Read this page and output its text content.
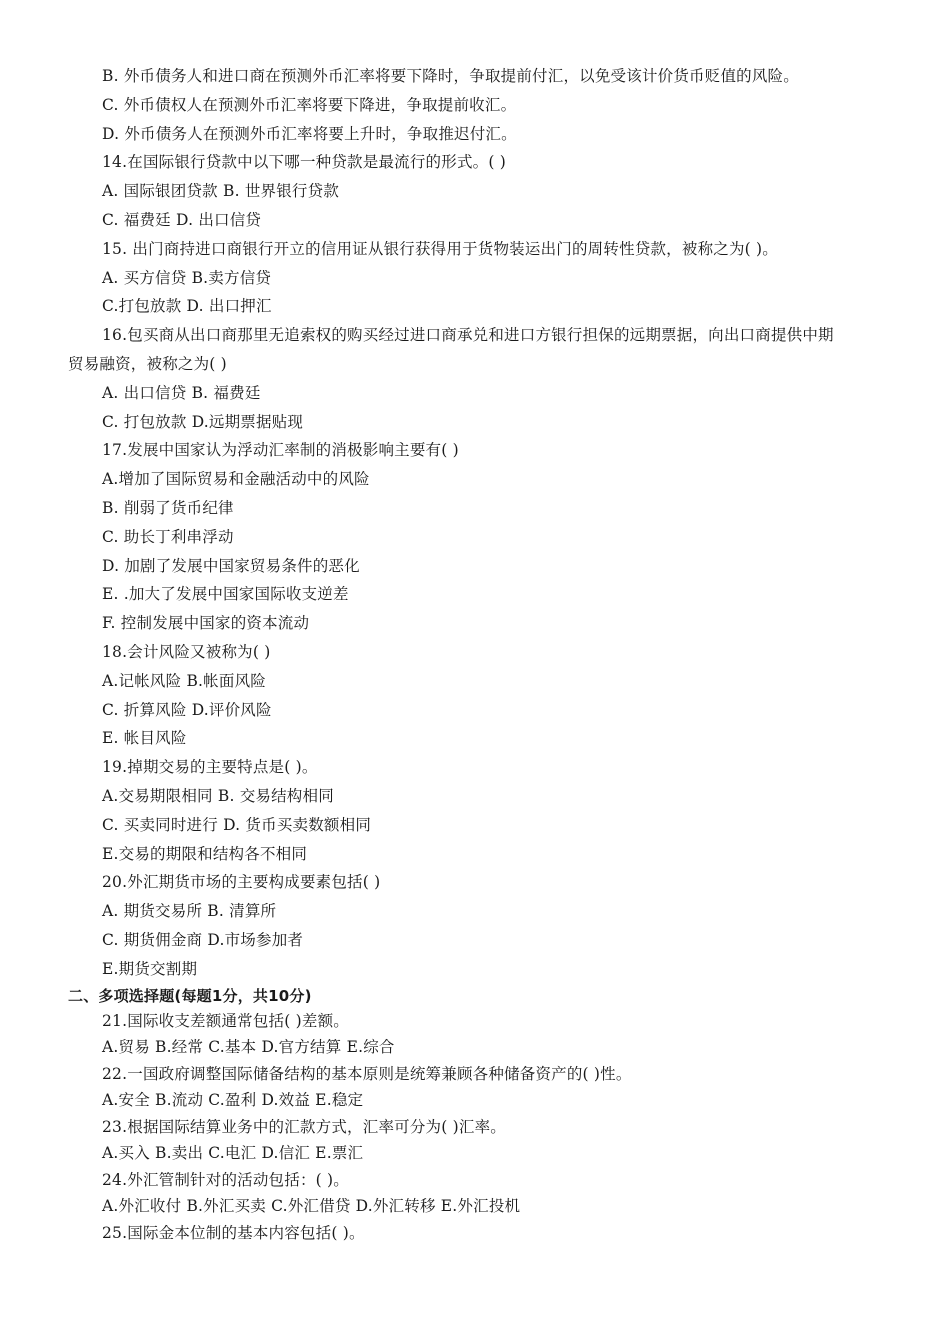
B. 外币债务人和进口商在预测外币汇率将要下降时，争取提前付汇，以免受该计价货币贬值的风险。
C. 外币债权人在预测外币汇率将要下降进，争取提前收汇。
D. 外币债务人在预测外币汇率将要上升时，争取推迟付汇。
14.在国际银行贷款中以下哪一种贷款是最流行的形式。( )
A. 国际银团贷款 B. 世界银行贷款
C. 福费廷 D. 出口信贷
15. 出门商持进口商银行开立的信用证从银行获得用于货物装运出门的周转性贷款，被称之为( )。
A. 买方信贷 B.卖方信贷
C.打包放款 D. 出口押汇
16.包买商从出口商那里无追索权的购买经过进口商承兑和进口方银行担保的远期票据，向出口商提供中期
贸易融资，被称之为( )
A. 出口信贷 B. 福费廷
C. 打包放款 D.远期票据贴现
17.发展中国家认为浮动汇率制的消极影响主要有( )
A.增加了国际贸易和金融活动中的风险
B. 削弱了货币纪律
C. 助长丁利串浮动
D. 加剧了发展中国家贸易条件的恶化
E. .加大了发展中国家国际收支逆差
F. 控制发展中国家的资本流动
18.会计风险又被称为( )
A.记帐风险 B.帐面风险
C. 折算风险 D.评价风险
E. 帐目风险
19.掉期交易的主要特点是( )。
A.交易期限相同 B. 交易结构相同
C. 买卖同时进行 D. 货币买卖数额相同
E.交易的期限和结构各不相同
20.外汇期货市场的主要构成要素包括( )
A. 期货交易所 B. 清算所
C. 期货佣金商 D.市场参加者
E.期货交割期
二、多项选择题(每题1分，共10分)
21.国际收支差额通常包括( )差额。
A.贸易 B.经常 C.基本 D.官方结算 E.综合
22.一国政府调整国际储备结构的基本原则是统筹兼顾各种储备资产的( )性。
A.安全 B.流动 C.盈利 D.效益 E.稳定
23.根据国际结算业务中的汇款方式，汇率可分为( )汇率。
A.买入 B.卖出 C.电汇 D.信汇 E.票汇
24.外汇管制针对的活动包括：( )。
A.外汇收付 B.外汇买卖 C.外汇借贷 D.外汇转移 E.外汇投机
25.国际金本位制的基本内容包括( )。
